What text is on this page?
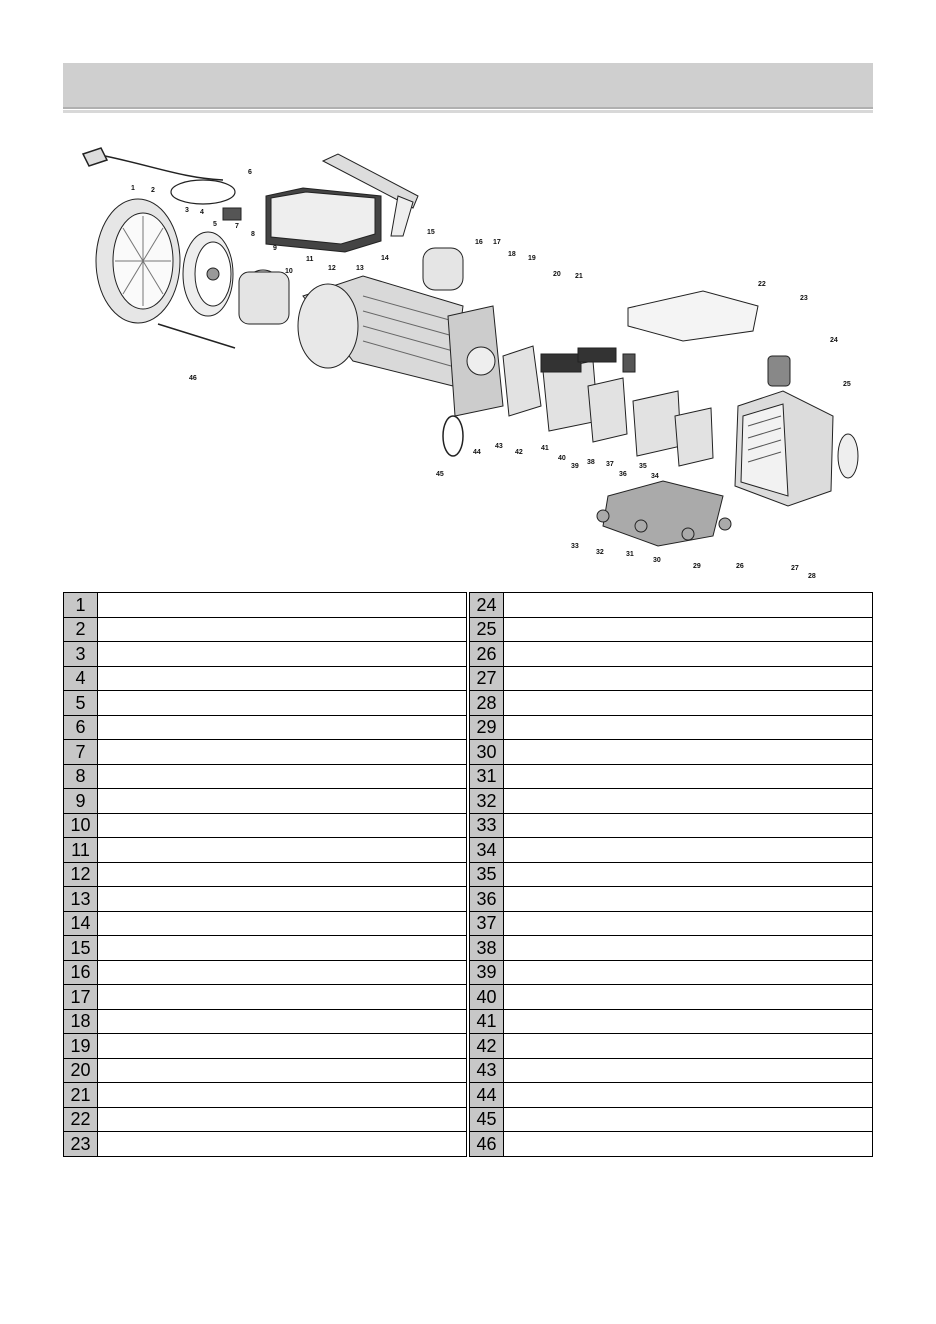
1 2
3 4
5
6
7
8
9
10
11
12	13
14
15
16 17
18
19
20 21
22
23
24
25
26	27
28
29
30
31
32
33
34
35
36
37
38
39
40
41
42
43
44
45
46
1			24	
2			25	
3			26	
4			27	
5			28	
6			29	
7			30	
8			31	
9			32	
10			33	
11			34	
12			35	
13			36	
14			37	
15			38	
16			39	
17			40	
18			41	
19			42	
20			43	
21			44	
22			45	
23			46	
